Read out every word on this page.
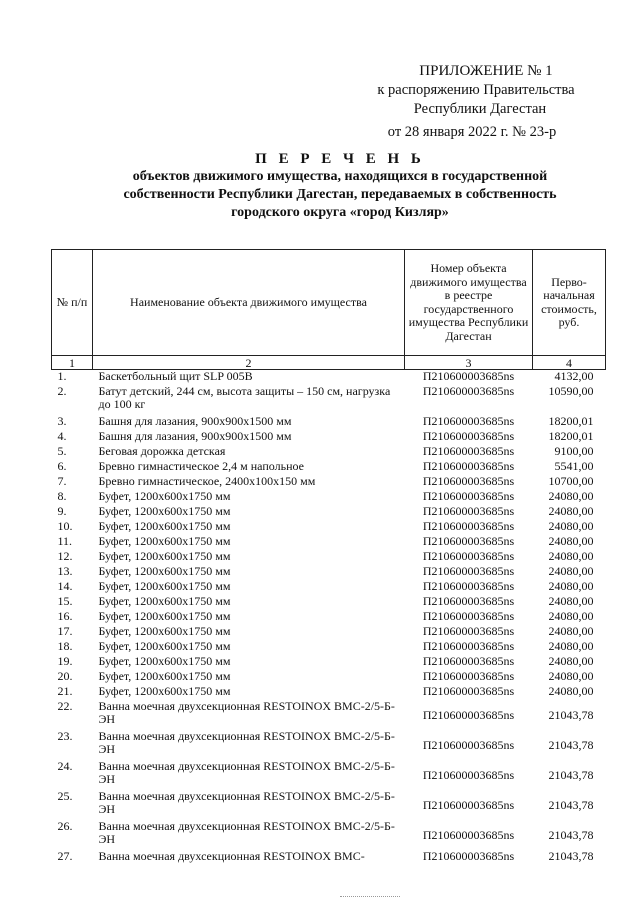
ПРИЛОЖЕНИЕ № 1
к распоряжению Правительства
Республики Дагестан
от 28 января 2022 г. № 23-р
П Е Р Е Ч Е Н Ь
объектов движимого имущества, находящихся в государственной
собственности Республики Дагестан, передаваемых в собственность
городского округа «город Кизляр»
№ п/п	Наименование объекта движимого имущества	Номер объекта движимого имущества в реестре государственного имущества Республики Дагестан	Перво-начальная стоимость, руб.
1	2	3	4
1.	Баскетбольный щит SLP 005B	П210600003685ns	4132,00
2.	Батут детский, 244 см, высота защиты – 150 см, нагрузка до 100 кг	П210600003685ns	10590,00
3.	Башня для лазания, 900х900х1500 мм	П210600003685ns	18200,01
4.	Башня для лазания, 900х900х1500 мм	П210600003685ns	18200,01
5.	Беговая дорожка детская	П210600003685ns	9100,00
6.	Бревно гимнастическое 2,4 м напольное	П210600003685ns	5541,00
7.	Бревно гимнастическое, 2400х100х150 мм	П210600003685ns	10700,00
8.	Буфет, 1200х600х1750 мм	П210600003685ns	24080,00
9.	Буфет, 1200х600х1750 мм	П210600003685ns	24080,00
10.	Буфет, 1200х600х1750 мм	П210600003685ns	24080,00
11.	Буфет, 1200х600х1750 мм	П210600003685ns	24080,00
12.	Буфет, 1200х600х1750 мм	П210600003685ns	24080,00
13.	Буфет, 1200х600х1750 мм	П210600003685ns	24080,00
14.	Буфет, 1200х600х1750 мм	П210600003685ns	24080,00
15.	Буфет, 1200х600х1750 мм	П210600003685ns	24080,00
16.	Буфет, 1200х600х1750 мм	П210600003685ns	24080,00
17.	Буфет, 1200х600х1750 мм	П210600003685ns	24080,00
18.	Буфет, 1200х600х1750 мм	П210600003685ns	24080,00
19.	Буфет, 1200х600х1750 мм	П210600003685ns	24080,00
20.	Буфет, 1200х600х1750 мм	П210600003685ns	24080,00
21.	Буфет, 1200х600х1750 мм	П210600003685ns	24080,00
22.	Ванна моечная двухсекционная RESTOINOX ВМС-2/5-Б-ЭН	П210600003685ns	21043,78
23.	Ванна моечная двухсекционная RESTOINOX ВМС-2/5-Б-ЭН	П210600003685ns	21043,78
24.	Ванна моечная двухсекционная RESTOINOX ВМС-2/5-Б-ЭН	П210600003685ns	21043,78
25.	Ванна моечная двухсекционная RESTOINOX ВМС-2/5-Б-ЭН	П210600003685ns	21043,78
26.	Ванна моечная двухсекционная RESTOINOX ВМС-2/5-Б-ЭН	П210600003685ns	21043,78
27.	Ванна моечная двухсекционная RESTOINOX ВМС-	П210600003685ns	21043,78
